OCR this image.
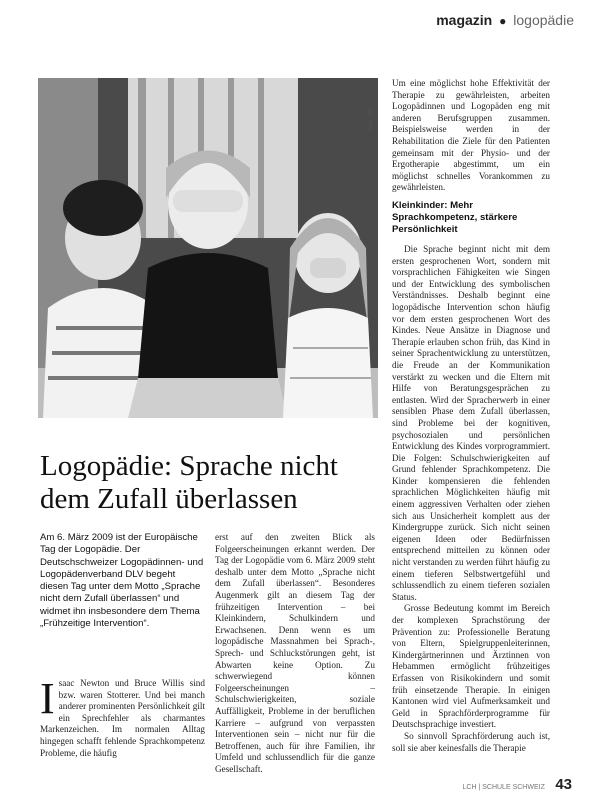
magazin ● logopädie
Foto: ZVG
Logopädie: Sprache nicht dem Zufall überlassen

Am 6. März 2009 ist der Europäische Tag der Logopädie. Der Deutschschweizer Logopädinnen- und Logopädenverband DLV begeht diesen Tag unter dem Motto „Sprache nicht dem Zufall überlassen“ und widmet ihn insbesondere dem Thema „Frühzeitige Intervention“.

Isaac Newton und Bruce Willis sind bzw. waren Stotterer. Und bei manch anderer prominenten Persönlichkeit gilt ein Sprechfehler als charmantes Markenzeichen. Im normalen Alltag hingegen schafft fehlende Sprachkompetenz Probleme, die häufig

erst auf den zweiten Blick als Folgeerscheinungen erkannt werden. Der Tag der Logopädie vom 6. März 2009 steht deshalb unter dem Motto „Sprache nicht dem Zufall überlassen“. Besonderes Augenmerk gilt an diesem Tag der frühzeitigen Intervention – bei Kleinkindern, Schulkindern und Erwachsenen. Denn wenn es um logopädische Massnahmen bei Sprach-, Sprech- und Schluckstörungen geht, ist Abwarten keine Option. Zu schwerwiegend können Folgeerscheinungen – Schulschwierigkeiten, soziale Auffälligkeit, Probleme in der beruflichen Karriere – aufgrund von verpassten Interventionen sein – nicht nur für die Betroffenen, auch für ihre Familien, ihr Umfeld und schlussendlich für die ganze Gesellschaft.

Um eine möglichst hohe Effektivität der Therapie zu gewährleisten, arbeiten Logopädinnen und Logopäden eng mit anderen Berufsgruppen zusammen. Beispielsweise werden in der Rehabilitation die Ziele für den Patienten gemeinsam mit der Physio- und der Ergotherapie abgestimmt, um ein möglichst schnelles Vorankommen zu gewährleisten.

Kleinkinder: Mehr Sprachkompetenz, stärkere Persönlichkeit

Die Sprache beginnt nicht mit dem ersten gesprochenen Wort, sondern mit vorsprachlichen Fähigkeiten wie Singen und der Entwicklung des symbolischen Verständnisses. Deshalb beginnt eine logopädische Intervention schon häufig vor dem ersten gesprochenen Wort des Kindes. Neue Ansätze in Diagnose und Therapie erlauben schon früh, das Kind in seiner Sprachentwicklung zu unterstützen, die Freude an der Kommunikation verstärkt zu wecken und die Eltern mit Hilfe von Beratungsgesprächen zu entlasten. Wird der Spracherwerb in einer sensiblen Phase dem Zufall überlassen, sind Probleme bei der kognitiven, psychosozialen und persönlichen Entwicklung des Kindes vorprogrammiert. Die Folgen: Schulschwierigkeiten auf Grund fehlender Sprachkompetenz. Die Kinder kompensieren die fehlenden sprachlichen Möglichkeiten häufig mit einem aggressiven Verhalten oder ziehen sich aus Unsicherheit komplett aus der Kindergruppe zurück. Sich nicht seinen eigenen Ideen oder Bedürfnissen entsprechend mitteilen zu können oder nicht verstanden zu werden führt häufig zu einem tieferen Selbstwertgefühl und schlussendlich zu einem tieferen sozialen Status.

Grosse Bedeutung kommt im Bereich der komplexen Sprachstörung der Prävention zu: Professionelle Beratung von Eltern, Spielgruppenleiterinnen, Kindergärtnerinnen und Ärztinnen von Hebammen ermöglicht frühzeitiges Erfassen von Risikokindern und somit früh einsetzende Therapie. In einigen Kantonen wird viel Aufmerksamkeit und Geld in Sprachförderprogramme für Deutschsprachige investiert.

So sinnvoll Sprachförderung auch ist, soll sie aber keinesfalls die Therapie

LCH | SCHULE SCHWEIZ 43
